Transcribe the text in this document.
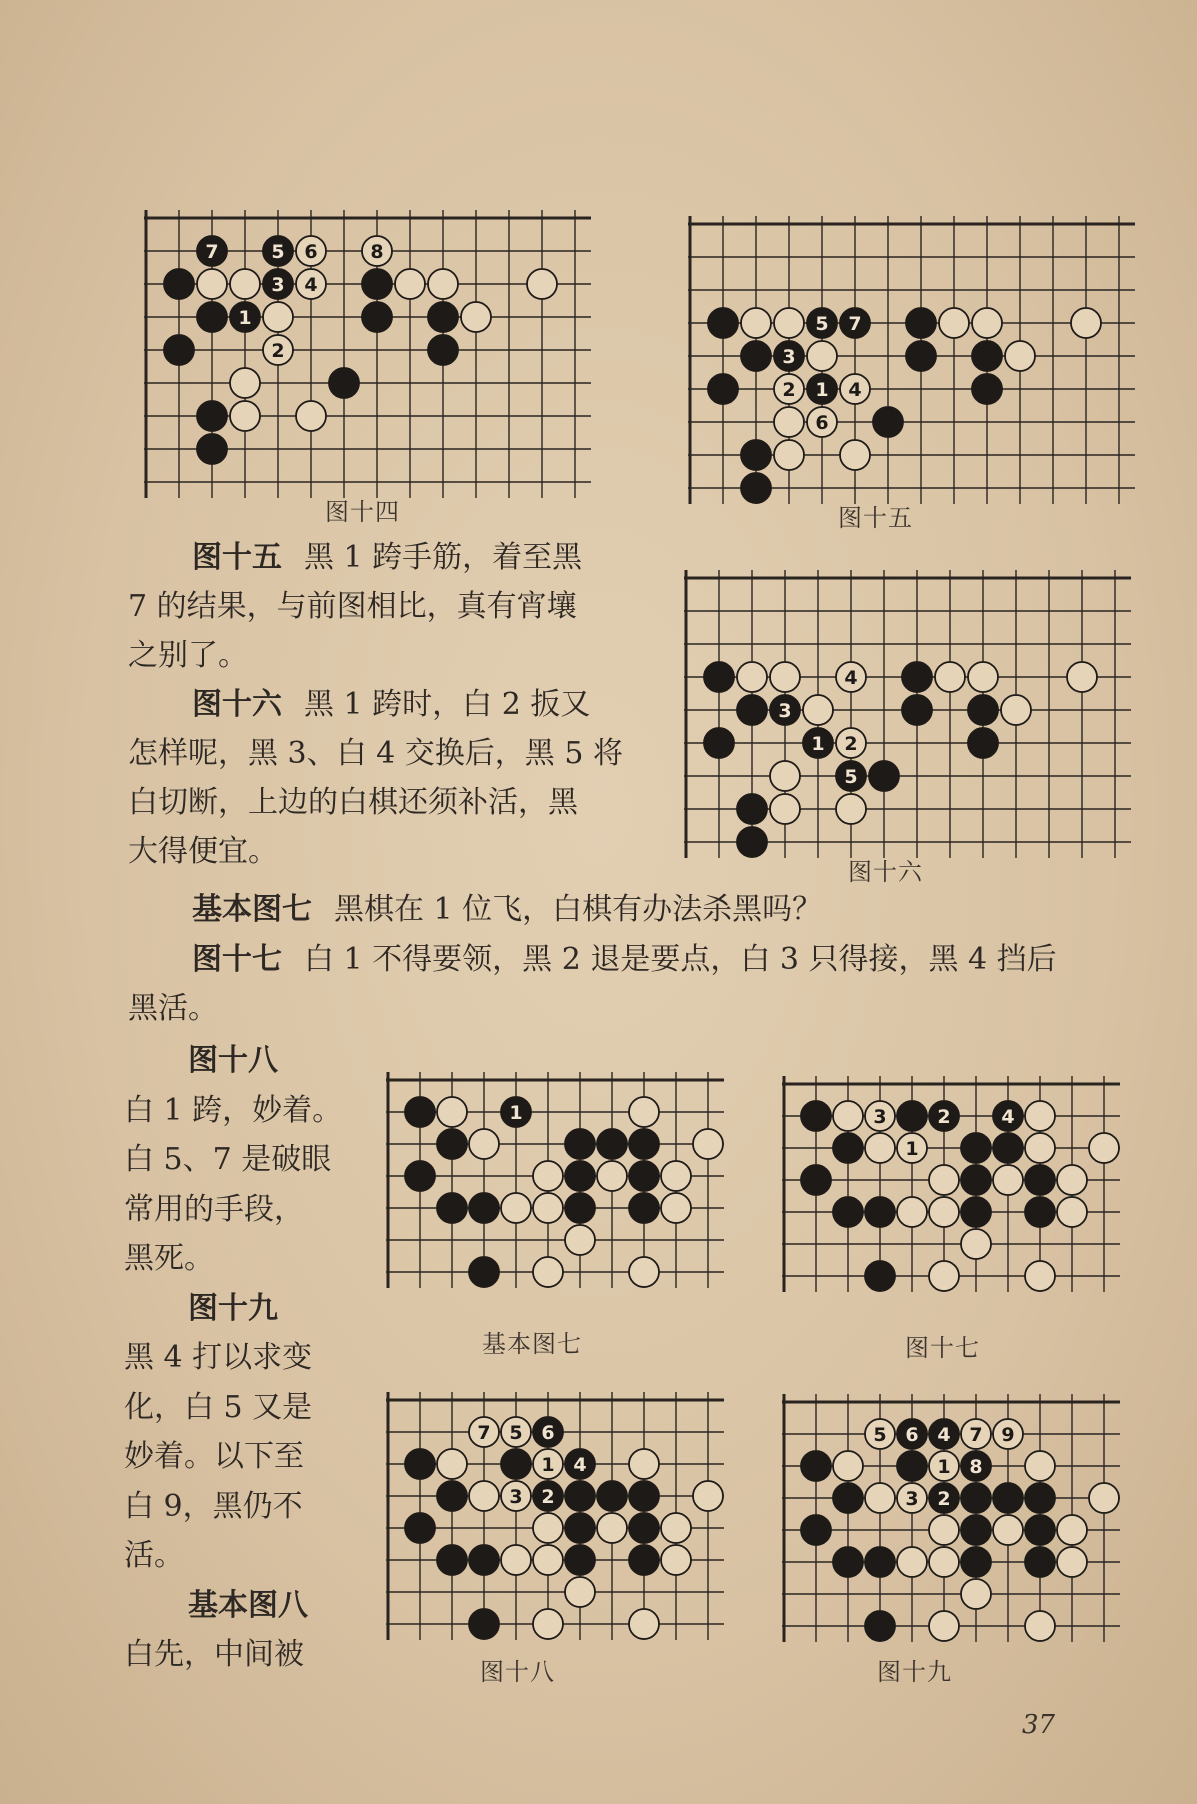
7	5 6	8
3 4
1
2
图十四
5 7
3
2 1 4
6
图十五
4
3
1 2
5
图十六
1
基本图七
3	2	4
1
图十七
7 5 6
1 4
3 2
图十八
5 6 4 7 9
1 8
3 2
图十九
图十五 黑 1 跨手筋，着至黑
7 的结果，与前图相比，真有宵壤
之别了。
图十六 黑 1 跨时，白 2 扳又
怎样呢，黑 3、白 4 交换后，黑 5 将
白切断，上边的白棋还须补活，黑
大得便宜。
基本图七 黑棋在 1 位飞，白棋有办法杀黑吗？
图十七 白 1 不得要领，黑 2 退是要点，白 3 只得接，黑 4 挡后
黑活。
图十八
白 1 跨，妙着。
白 5、7 是破眼
常用的手段，
黑死。
图十九
黑 4 打以求变
化，白 5 又是
妙着。以下至
白 9，黑仍不
活。
基本图八
白先，中间被
37
